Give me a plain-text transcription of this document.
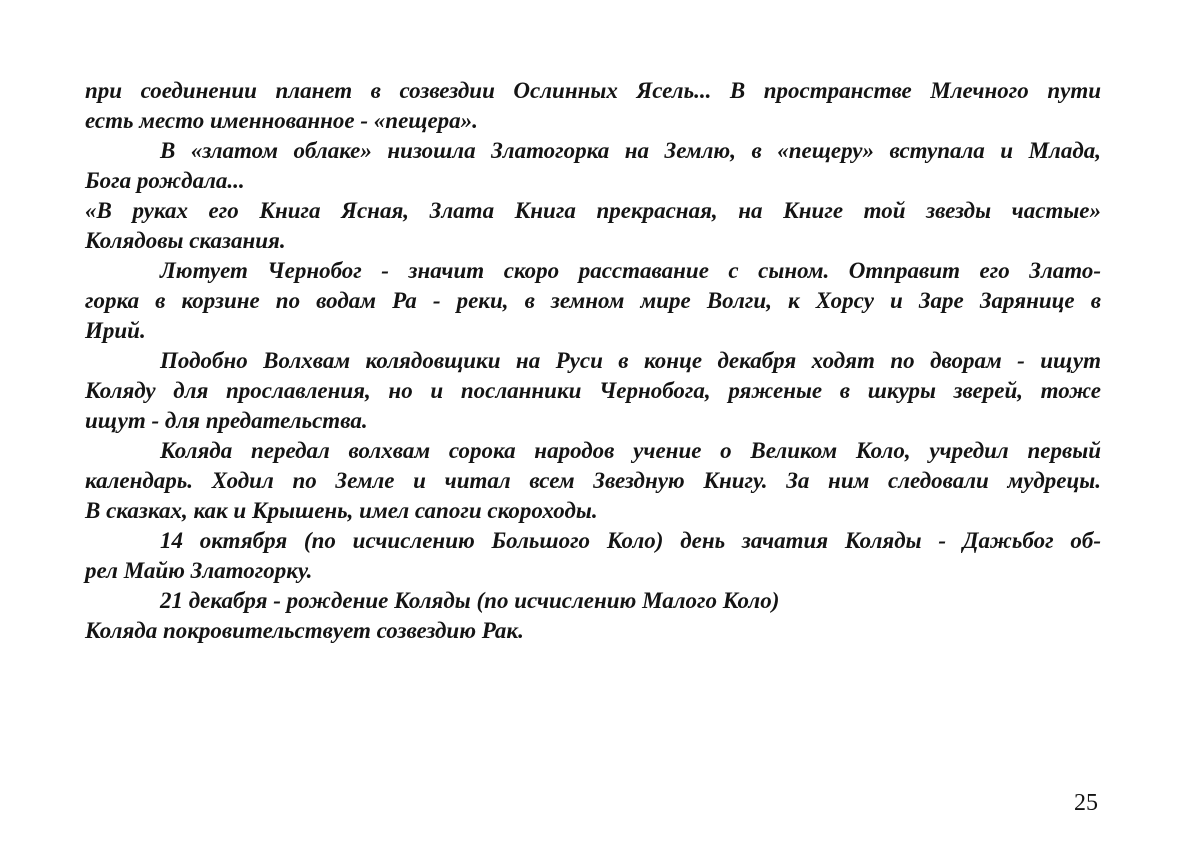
при соединении планет в созвездии Ослинных Ясель... В пространстве Млечного пути
есть место именнованное - «пещера».
В «златом облаке» низошла Златогорка на Землю, в «пещеру» вступала и Млада,
Бога рождала...
«В руках его Книга Ясная, Злата Книга прекрасная, на Книге той звезды частые»
Колядовы сказания.
Лютует Чернобог - значит скоро расставание с сыном. Отправит его Злато-
горка в корзине по водам Ра - реки, в земном мире Волги, к Хорсу и Заре Зарянице в
Ирий.
Подобно Волхвам колядовщики на Руси в конце декабря ходят по дворам - ищут
Коляду для прославления, но и посланники Чернобога, ряженые в шкуры зверей, тоже
ищут - для предательства.
Коляда передал волхвам сорока народов учение о Великом Коло, учредил первый
календарь. Ходил по Земле и читал всем Звездную Книгу. За ним следовали мудрецы.
В сказках, как и Крышень, имел сапоги скороходы.
14 октября (по исчислению Большого Коло) день зачатия Коляды - Дажьбог об-
рел Майю Златогорку.
21 декабря - рождение Коляды (по исчислению Малого Коло)
Коляда покровительствует созвездию Рак.
25
